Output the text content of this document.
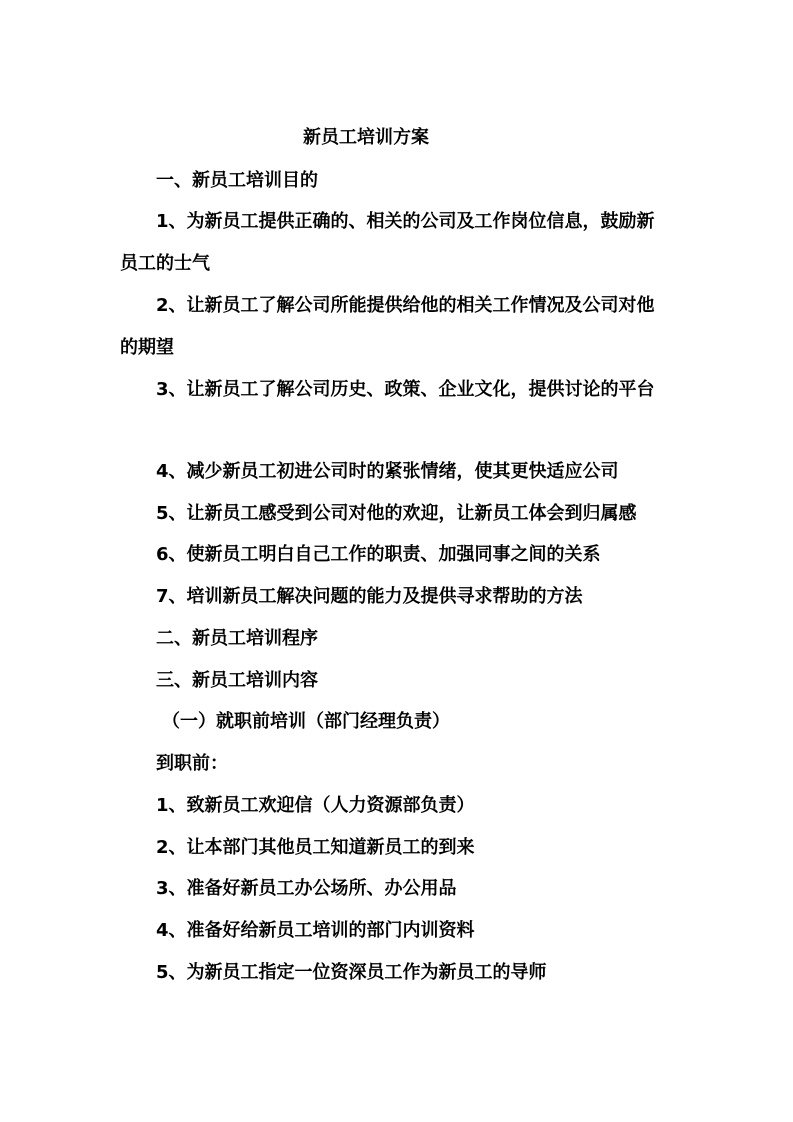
新员工培训方案
一、新员工培训目的
1、为新员工提供正确的、相关的公司及工作岗位信息，鼓励新
员工的士气
2、让新员工了解公司所能提供给他的相关工作情况及公司对他
的期望
3、让新员工了解公司历史、政策、企业文化，提供讨论的平台
4、减少新员工初进公司时的紧张情绪，使其更快适应公司
5、让新员工感受到公司对他的欢迎，让新员工体会到归属感
6、使新员工明白自己工作的职责、加强同事之间的关系
7、培训新员工解决问题的能力及提供寻求帮助的方法
二、新员工培训程序
三、新员工培训内容
（一）就职前培训（部门经理负责）
到职前：
1、致新员工欢迎信（人力资源部负责）
2、让本部门其他员工知道新员工的到来
3、准备好新员工办公场所、办公用品
4、准备好给新员工培训的部门内训资料
5、为新员工指定一位资深员工作为新员工的导师
